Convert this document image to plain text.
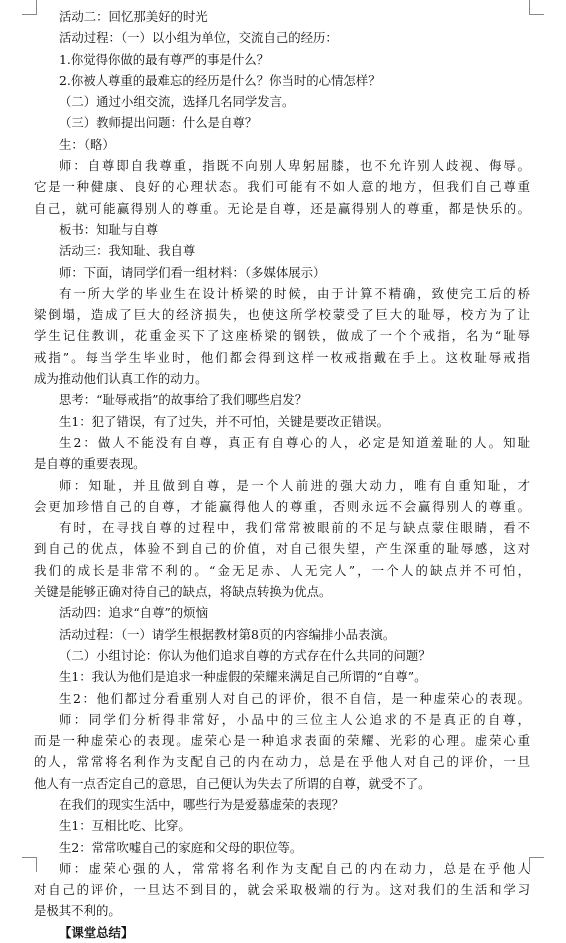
活动二：回忆那美好的时光
活动过程：（一）以小组为单位，交流自己的经历：
1.你觉得你做的最有尊严的事是什么？
2.你被人尊重的最难忘的经历是什么？你当时的心情怎样？
（二）通过小组交流，选择几名同学发言。
（三）教师提出问题：什么是自尊？
生：（略）
师：自尊即自我尊重，指既不向别人卑躬屈膝，也不允许别人歧视、侮辱。
它是一种健康、良好的心理状态。我们可能有不如人意的地方，但我们自己尊重
自己，就可能赢得别人的尊重。无论是自尊，还是赢得别人的尊重，都是快乐的。
板书：知耻与自尊
活动三：我知耻、我自尊
师：下面，请同学们看一组材料：（多媒体展示）
有一所大学的毕业生在设计桥梁的时候，由于计算不精确，致使完工后的桥
梁倒塌，造成了巨大的经济损失，也使这所学校蒙受了巨大的耻辱，校方为了让
学生记住教训，花重金买下了这座桥梁的钢铁，做成了一个个戒指，名为“耻辱
戒指”。每当学生毕业时，他们都会得到这样一枚戒指戴在手上。这枚耻辱戒指
成为推动他们认真工作的动力。
思考：“耻辱戒指”的故事给了我们哪些启发？
生1：犯了错误，有了过失，并不可怕，关键是要改正错误。
生2：做人不能没有自尊，真正有自尊心的人，必定是知道羞耻的人。知耻
是自尊的重要表现。
师：知耻，并且做到自尊，是一个人前进的强大动力，唯有自重知耻，才
会更加珍惜自己的自尊，才能赢得他人的尊重，否则永远不会赢得别人的尊重。
有时，在寻找自尊的过程中，我们常常被眼前的不足与缺点蒙住眼睛，看不
到自己的优点，体验不到自己的价值，对自己很失望，产生深重的耻辱感，这对
我们的成长是非常不利的。“金无足赤、人无完人”，一个人的缺点并不可怕，
关键是能够正确对待自己的缺点，将缺点转换为优点。
活动四：追求“自尊”的烦恼
活动过程：（一）请学生根据教材第8页的内容编排小品表演。
（二）小组讨论：你认为他们追求自尊的方式存在什么共同的问题？
生1：我认为他们是追求一种虚假的荣耀来满足自己所谓的“自尊”。
生2：他们都过分看重别人对自己的评价，很不自信，是一种虚荣心的表现。
师：同学们分析得非常好，小品中的三位主人公追求的不是真正的自尊，
而是一种虚荣心的表现。虚荣心是一种追求表面的荣耀、光彩的心理。虚荣心重
的人，常常将名利作为支配自己的内在动力，总是在乎他人对自己的评价，一旦
他人有一点否定自己的意思，自己便认为失去了所谓的自尊，就受不了。
在我们的现实生活中，哪些行为是爱慕虚荣的表现？
生1：互相比吃、比穿。
生2：常常吹嘘自己的家庭和父母的职位等。
师：虚荣心强的人，常常将名利作为支配自己的内在动力，总是在乎他人
对自己的评价，一旦达不到目的，就会采取极端的行为。这对我们的生活和学习
是极其不利的。
【课堂总结】
